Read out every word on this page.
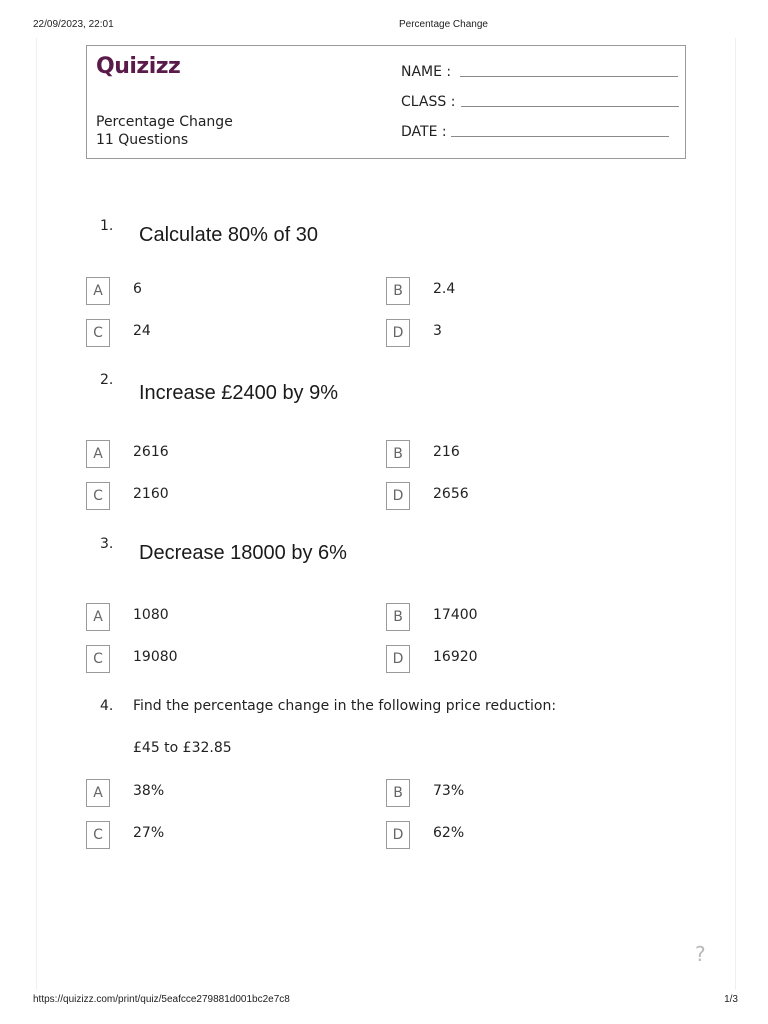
22/09/2023, 22:01	Percentage Change
Quizizz
Percentage Change
11 Questions
NAME :
CLASS :
DATE :
1. Calculate 80% of 30
A	6	B	2.4
C	24	D	3
2.
Increase £2400 by 9%
A	2616	B	216
C	2160	D	2656
3. Decrease 18000 by 6%
A	1080	B	17400
C	19080	D	16920
4. Find the percentage change in the following price reduction:
£45 to £32.85
A	38%	B	73%
C	27%	D	62%
?
https://quizizz.com/print/quiz/5eafcce279881d001bc2e7c8	1/3
